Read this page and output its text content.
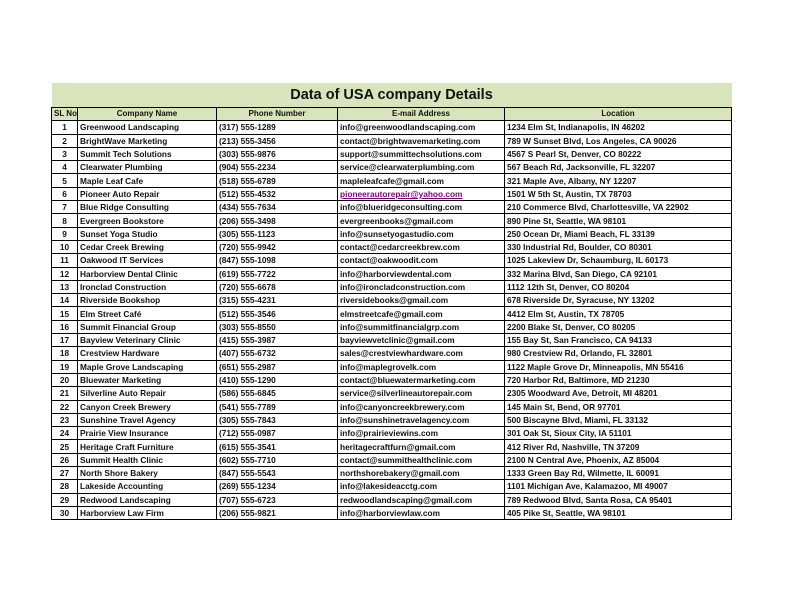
Data of USA company Details				
SL No	Company Name	Phone Number	E-mail Address	Location
1	Greenwood Landscaping	(317) 555-1289	info@greenwoodlandscaping.com	1234 Elm St, Indianapolis, IN 46202
2	BrightWave Marketing	(213) 555-3456	contact@brightwavemarketing.com	789 W Sunset Blvd, Los Angeles, CA 90026
3	Summit Tech Solutions	(303) 555-9876	support@summittechsolutions.com	4567 S Pearl St, Denver, CO 80222
4	Clearwater Plumbing	(904) 555-2234	service@clearwaterplumbing.com	567 Beach Rd, Jacksonville, FL 32207
5	Maple Leaf Cafe	(518) 555-6789	mapleleafcafe@gmail.com	321 Maple Ave, Albany, NY 12207
6	Pioneer Auto Repair	(512) 555-4532	pioneerautorepair@yahoo.com	1501 W 5th St, Austin, TX 78703
7	Blue Ridge Consulting	(434) 555-7634	info@blueridgeconsulting.com	210 Commerce Blvd, Charlottesville, VA 22902
8	Evergreen Bookstore	(206) 555-3498	evergreenbooks@gmail.com	890 Pine St, Seattle, WA 98101
9	Sunset Yoga Studio	(305) 555-1123	info@sunsetyogastudio.com	250 Ocean Dr, Miami Beach, FL 33139
10	Cedar Creek Brewing	(720) 555-9942	contact@cedarcreekbrew.com	330 Industrial Rd, Boulder, CO 80301
11	Oakwood IT Services	(847) 555-1098	contact@oakwoodit.com	1025 Lakeview Dr, Schaumburg, IL 60173
12	Harborview Dental Clinic	(619) 555-7722	info@harborviewdental.com	332 Marina Blvd, San Diego, CA 92101
13	Ironclad Construction	(720) 555-6678	info@ironcladconstruction.com	1112 12th St, Denver, CO 80204
14	Riverside Bookshop	(315) 555-4231	riversidebooks@gmail.com	678 Riverside Dr, Syracuse, NY 13202
15	Elm Street Café	(512) 555-3546	elmstreetcafe@gmail.com	4412 Elm St, Austin, TX 78705
16	Summit Financial Group	(303) 555-8550	info@summitfinancialgrp.com	2200 Blake St, Denver, CO 80205
17	Bayview Veterinary Clinic	(415) 555-3987	bayviewvetclinic@gmail.com	155 Bay St, San Francisco, CA 94133
18	Crestview Hardware	(407) 555-6732	sales@crestviewhardware.com	980 Crestview Rd, Orlando, FL 32801
19	Maple Grove Landscaping	(651) 555-2987	info@maplegrovelk.com	1122 Maple Grove Dr, Minneapolis, MN 55416
20	Bluewater Marketing	(410) 555-1290	contact@bluewatermarketing.com	720 Harbor Rd, Baltimore, MD 21230
21	Silverline Auto Repair	(586) 555-6845	service@silverlineautorepair.com	2305 Woodward Ave, Detroit, MI 48201
22	Canyon Creek Brewery	(541) 555-7789	info@canyoncreekbrewery.com	145 Main St, Bend, OR 97701
23	Sunshine Travel Agency	(305) 555-7843	info@sunshinetravelagency.com	500 Biscayne Blvd, Miami, FL 33132
24	Prairie View Insurance	(712) 555-0987	info@prairieviewins.com	301 Oak St, Sioux City, IA 51101
25	Heritage Craft Furniture	(615) 555-3541	heritagecraftfurn@gmail.com	412 River Rd, Nashville, TN 37209
26	Summit Health Clinic	(602) 555-7710	contact@summithealthclinic.com	2100 N Central Ave, Phoenix, AZ 85004
27	North Shore Bakery	(847) 555-5543	northshorebakery@gmail.com	1333 Green Bay Rd, Wilmette, IL 60091
28	Lakeside Accounting	(269) 555-1234	info@lakesideacctg.com	1101 Michigan Ave, Kalamazoo, MI 49007
29	Redwood Landscaping	(707) 555-6723	redwoodlandscaping@gmail.com	789 Redwood Blvd, Santa Rosa, CA 95401
30	Harborview Law Firm	(206) 555-9821	info@harborviewlaw.com	405 Pike St, Seattle, WA 98101
